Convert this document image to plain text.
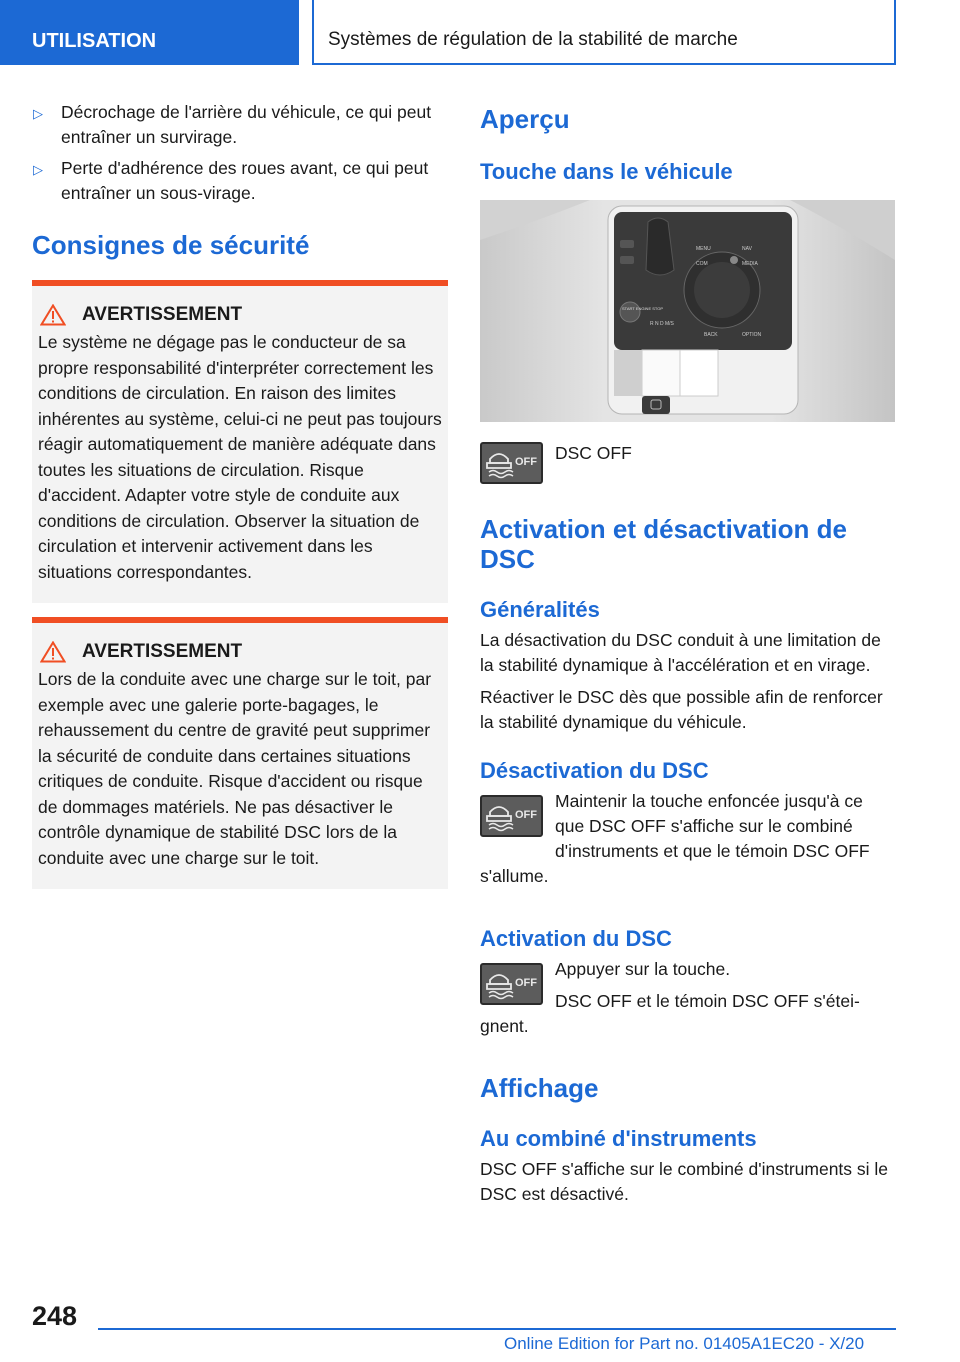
UTILISATION	Systèmes de régulation de la stabilité de marche
▷ Décrochage de l'arrière du véhicule, ce qui peut entraîner un survirage.
▷ Perte d'adhérence des roues avant, ce qui peut entraîner un sous-virage.
Consignes de sécurité
AVERTISSEMENT

Le système ne dégage pas le conducteur de sa propre responsabilité d'interpréter correctement les conditions de circulation. En raison des limites inhérentes au système, celui-ci ne peut pas toujours réagir automatiquement de manière adéquate dans toutes les situations de circulation. Risque d'accident. Adapter votre style de conduite aux conditions de circulation. Observer la situation de circulation et intervenir activement dans les situations correspondantes.

AVERTISSEMENT

Lors de la conduite avec une charge sur le toit, par exemple avec une galerie porte-bagages, le rehaussement du centre de gravité peut supprimer la sécurité de conduite dans certaines situations critiques de conduite. Risque d'accident ou risque de dommages matériels. Ne pas désactiver le contrôle dynamique de stabilité DSC lors de la conduite avec une charge sur le toit.

Aperçu
Touche dans le véhicule
START ENGINE STOP
MENU	NAV
COM	MEDIA
BACK	OPTION
R N D M/S
OFF	DSC OFF

Activation et désactivation de DSC
Généralités

La désactivation du DSC conduit à une limitation de la stabilité dynamique à l'accélération et en virage.

Réactiver le DSC dès que possible afin de renforcer la stabilité dynamique du véhicule.

Désactivation du DSC
OFF

Maintenir la touche enfoncée jusqu'à ce que DSC OFF s'affiche sur le combiné d'instruments et que le témoin DSC OFF s'allume.

Activation du DSC
OFF

Appuyer sur la touche.

DSC OFF et le témoin DSC OFF s'éteignent.

Affichage
Au combiné d'instruments

DSC OFF s'affiche sur le combiné d'instruments si le DSC est désactivé.

248
Online Edition for Part no. 01405A1EC20 - X/20
